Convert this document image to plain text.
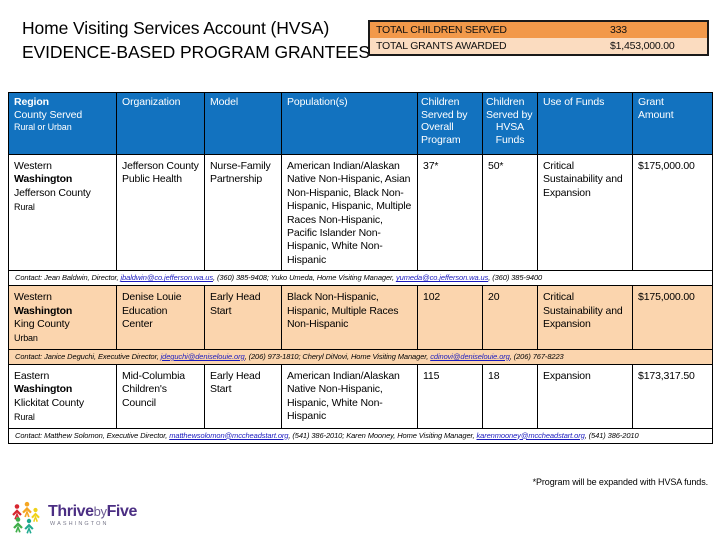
Home Visiting Services Account (HVSA)
EVIDENCE-BASED PROGRAM GRANTEES
TOTAL CHILDREN SERVED	333
TOTAL GRANTS AWARDED	$1,453,000.00
Region
County Served
Rural or Urban	Organization	Model	Population(s)	Children
Served by
Overall
Program	Children
Served by
HVSA
Funds	Use of Funds	Grant
Amount

Western
Washington
Jefferson County
Rural	Jefferson County Public Health	Nurse-Family Partnership	American Indian/Alaskan Native Non-Hispanic, Asian Non-Hispanic, Black Non-Hispanic, Hispanic, Multiple Races Non-Hispanic, Pacific Islander Non-Hispanic, White Non-Hispanic	37*	50*	Critical Sustainability and Expansion	$175,000.00
Contact: Jean Baldwin, Director, jbaldwin@co.jefferson.wa.us, (360) 385-9408; Yuko Umeda, Home Visiting Manager, yumeda@co.jefferson.wa.us, (360) 385-9400							

Western
Washington
King County
Urban	Denise Louie Education Center	Early Head Start	Black Non-Hispanic, Hispanic, Multiple Races Non-Hispanic	102	20	Critical Sustainability and Expansion	$175,000.00
Contact: Janice Deguchi, Executive Director, jdeguchi@deniselouie.org, (206) 973-1810; Cheryl DiNovi, Home Visiting Manager, cdinovi@deniselouie.org, (206) 767-8223							

Eastern
Washington
Klickitat County
Rural	Mid-Columbia Children's Council	Early Head Start	American Indian/Alaskan Native Non-Hispanic, Hispanic, White Non-Hispanic	115	18	Expansion	$173,317.50
Contact: Matthew Solomon, Executive Director, matthewsolomon@mccheadstart.org, (541) 386-2010; Karen Mooney, Home Visiting Manager, karenmooney@mccheadstart.org, (541) 386-2010							
*Program will be expanded with HVSA funds.
ThrivebyFive
WASHINGTON
